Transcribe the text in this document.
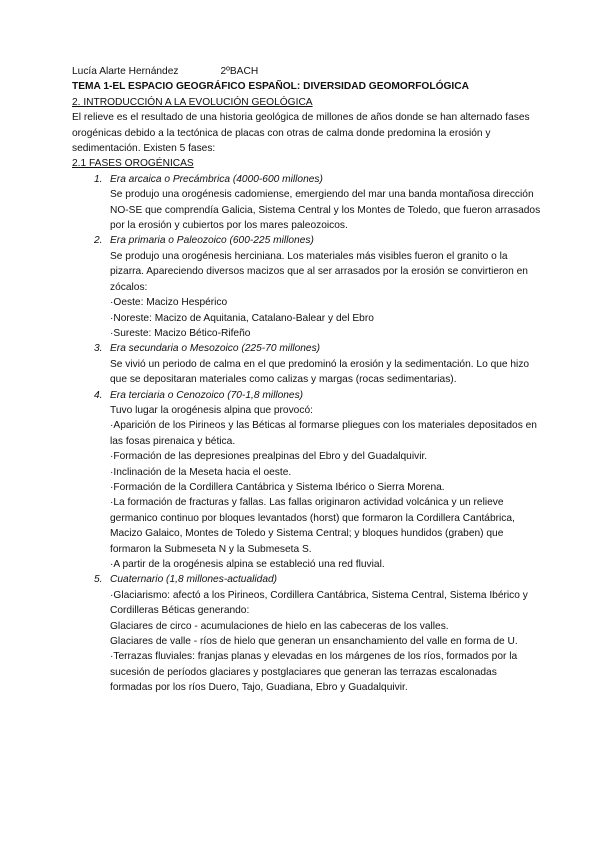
Lucía Alarte Hernández	2ºBACH
TEMA 1-EL ESPACIO GEOGRÁFICO ESPAÑOL: DIVERSIDAD GEOMORFOLÓGICA
2. INTRODUCCIÓN A LA EVOLUCIÓN GEOLÓGICA

El relieve es el resultado de una historia geológica de millones de años donde se han alternado fases orogénicas debido a la tectónica de placas con otras de calma donde predomina la erosión y sedimentación. Existen 5 fases:

2.1 FASES OROGÉNICAS
1. Era arcaica o Precámbrica (4000-600 millones)
Se produjo una orogénesis cadomiense, emergiendo del mar una banda montañosa dirección NO-SE que comprendía Galicia, Sistema Central y los Montes de Toledo, que fueron arrasados por la erosión y cubiertos por los mares paleozoicos.
2. Era primaria o Paleozoico (600-225 millones)
Se produjo una orogénesis herciniana. Los materiales más visibles fueron el granito o la pizarra. Apareciendo diversos macizos que al ser arrasados por la erosión se convirtieron en zócalos:
·Oeste: Macizo Hespérico
·Noreste: Macizo de Aquitania, Catalano-Balear y del Ebro
·Sureste: Macizo Bético-Rifeño
3. Era secundaria o Mesozoico (225-70 millones)
Se vivió un periodo de calma en el que predominó la erosión y la sedimentación. Lo que hizo que se depositaran materiales como calizas y margas (rocas sedimentarias).
4. Era terciaria o Cenozoico (70-1,8 millones)
Tuvo lugar la orogénesis alpina que provocó:
·Aparición de los Pirineos y las Béticas al formarse pliegues con los materiales depositados en las fosas pirenaica y bética.
·Formación de las depresiones prealpinas del Ebro y del Guadalquivir.
·Inclinación de la Meseta hacia el oeste.
·Formación de la Cordillera Cantábrica y Sistema Ibérico o Sierra Morena.
·La formación de fracturas y fallas. Las fallas originaron actividad volcánica y un relieve germanico continuo por bloques levantados (horst) que formaron la Cordillera Cantábrica, Macizo Galaico, Montes de Toledo y Sistema Central; y bloques hundidos (graben) que formaron la Submeseta N y la Submeseta S.
·A partir de la orogénesis alpina se estableció una red fluvial.
5. Cuaternario (1,8 millones-actualidad)
·Glaciarismo: afectó a los Pirineos, Cordillera Cantábrica, Sistema Central, Sistema Ibérico y Cordilleras Béticas generando:
Glaciares de circo - acumulaciones de hielo en las cabeceras de los valles.
Glaciares de valle - ríos de hielo que generan un ensanchamiento del valle en forma de U.
·Terrazas fluviales: franjas planas y elevadas en los márgenes de los ríos, formados por la sucesión de períodos glaciares y postglaciares que generan las terrazas escalonadas formadas por los ríos Duero, Tajo, Guadiana, Ebro y Guadalquivir.
